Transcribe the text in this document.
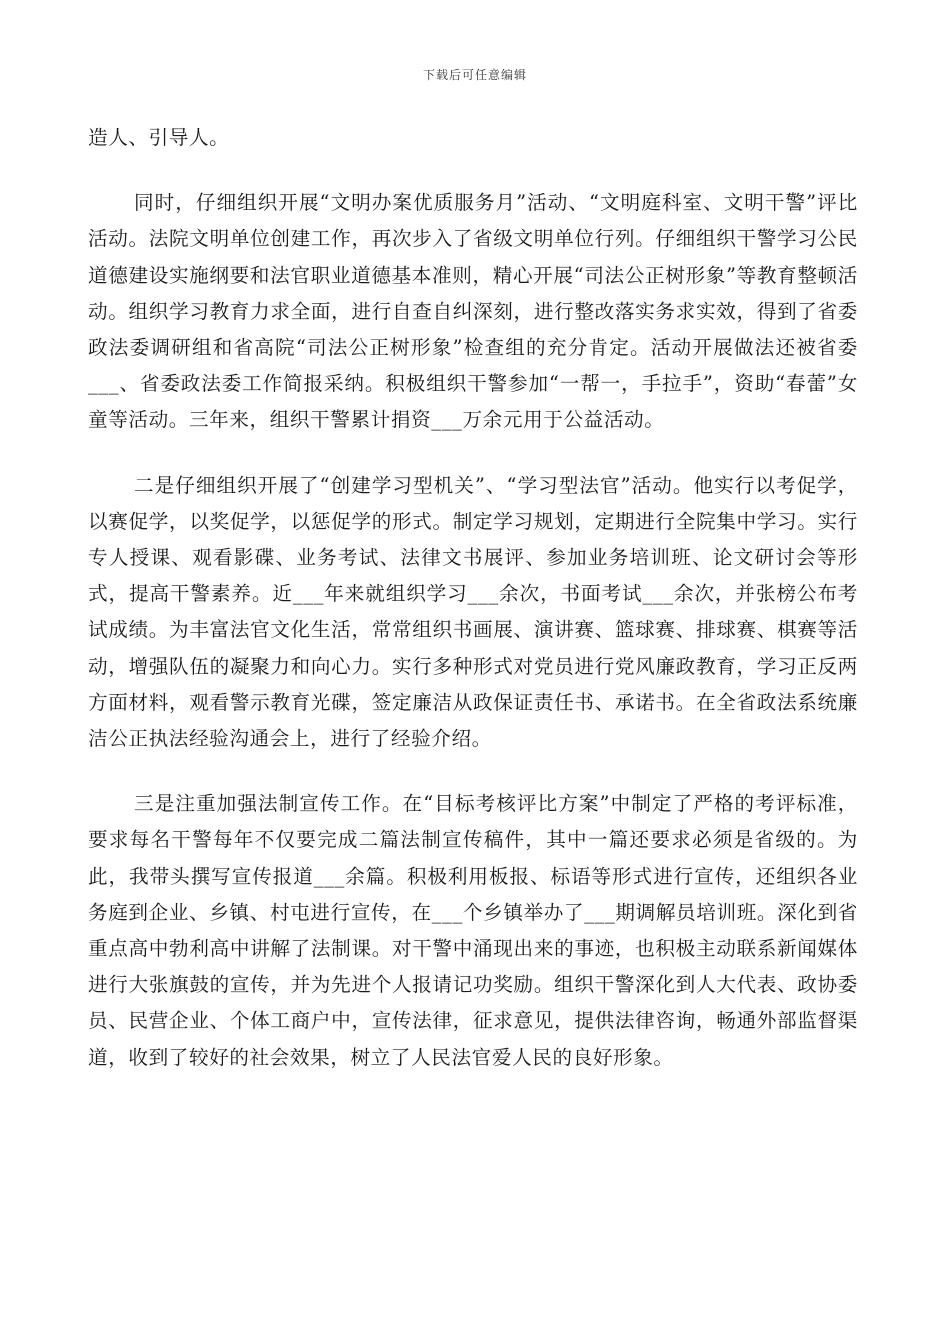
下载后可任意编辑

造人、引导人。

同时，仔细组织开展“文明办案优质服务月”活动、“文明庭科室、文明干警”评比活动。法院文明单位创建工作，再次步入了省级文明单位行列。仔细组织干警学习公民道德建设实施纲要和法官职业道德基本准则，精心开展“司法公正树形象”等教育整顿活动。组织学习教育力求全面，进行自查自纠深刻，进行整改落实务求实效，得到了省委政法委调研组和省高院“司法公正树形象”检查组的充分肯定。活动开展做法还被省委___、省委政法委工作简报采纳。积极组织干警参加“一帮一，手拉手”，资助“春蕾”女童等活动。三年来，组织干警累计捐资___万余元用于公益活动。

二是仔细组织开展了“创建学习型机关”、“学习型法官”活动。他实行以考促学，以赛促学，以奖促学，以惩促学的形式。制定学习规划，定期进行全院集中学习。实行专人授课、观看影碟、业务考试、法律文书展评、参加业务培训班、论文研讨会等形式，提高干警素养。近___年来就组织学习___余次，书面考试___余次，并张榜公布考试成绩。为丰富法官文化生活，常常组织书画展、演讲赛、篮球赛、排球赛、棋赛等活动，增强队伍的凝聚力和向心力。实行多种形式对党员进行党风廉政教育，学习正反两方面材料，观看警示教育光碟，签定廉洁从政保证责任书、承诺书。在全省政法系统廉洁公正执法经验沟通会上，进行了经验介绍。

三是注重加强法制宣传工作。在“目标考核评比方案”中制定了严格的考评标准，要求每名干警每年不仅要完成二篇法制宣传稿件，其中一篇还要求必须是省级的。为此，我带头撰写宣传报道___余篇。积极利用板报、标语等形式进行宣传，还组织各业务庭到企业、乡镇、村屯进行宣传，在___个乡镇举办了___期调解员培训班。深化到省重点高中勃利高中讲解了法制课。对干警中涌现出来的事迹，也积极主动联系新闻媒体进行大张旗鼓的宣传，并为先进个人报请记功奖励。组织干警深化到人大代表、政协委员、民营企业、个体工商户中，宣传法律，征求意见，提供法律咨询，畅通外部监督渠道，收到了较好的社会效果，树立了人民法官爱人民的良好形象。
